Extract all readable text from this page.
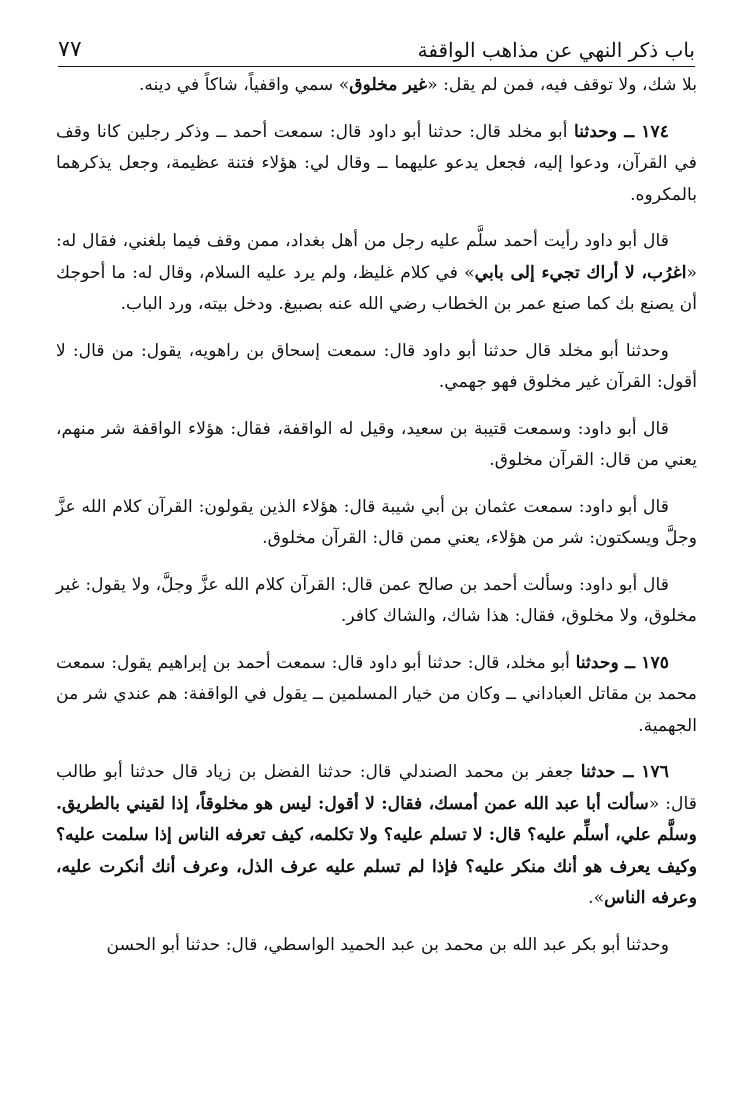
باب ذكر النهي عن مذاهب الواقفة
٧٧

بلا شك، ولا توقف فيه، فمن لم يقل: «غير مخلوق» سمي واقفياً، شاكاً في دينه.

١٧٤ ــ وحدثنا أبو مخلد قال: حدثنا أبو داود قال: سمعت أحمد ــ وذكر رجلين كانا وقف في القرآن، ودعوا إليه، فجعل يدعو عليهما ــ وقال لي: هؤلاء فتنة عظيمة، وجعل يذكرهما بالمكروه.

قال أبو داود رأيت أحمد سلَّم عليه رجل من أهل بغداد، ممن وقف فيما بلغني، فقال له: «اغرُب، لا أراك تجيء إلى بابي» في كلام غليظ، ولم يرد عليه السلام، وقال له: ما أحوجك أن يصنع بك كما صنع عمر بن الخطاب رضي الله عنه بصبيغ. ودخل بيته، ورد الباب.

وحدثنا أبو مخلد قال حدثنا أبو داود قال: سمعت إسحاق بن راهويه، يقول: من قال: لا أقول: القرآن غير مخلوق فهو جهمي.

قال أبو داود: وسمعت قتيبة بن سعيد، وقيل له الواقفة، فقال: هؤلاء الواقفة شر منهم، يعني من قال: القرآن مخلوق.

قال أبو داود: سمعت عثمان بن أبي شيبة قال: هؤلاء الذين يقولون: القرآن كلام الله عزَّ وجلَّ ويسكتون: شر من هؤلاء، يعني ممن قال: القرآن مخلوق.

قال أبو داود: وسألت أحمد بن صالح عمن قال: القرآن كلام الله عزَّ وجلَّ، ولا يقول: غير مخلوق، ولا مخلوق، فقال: هذا شاك، والشاك كافر.

١٧٥ ــ وحدثنا أبو مخلد، قال: حدثنا أبو داود قال: سمعت أحمد بن إبراهيم يقول: سمعت محمد بن مقاتل العباداني ــ وكان من خيار المسلمين ــ يقول في الواقفة: هم عندي شر من الجهمية.

١٧٦ ــ حدثنا جعفر بن محمد الصندلي قال: حدثنا الفضل بن زياد قال حدثنا أبو طالب قال: «سألت أبا عبد الله عمن أمسك، فقال: لا أقول: ليس هو مخلوقاً، إذا لقيني بالطريق. وسلَّم علي، أسلِّم عليه؟ قال: لا تسلم عليه؟ ولا تكلمه، كيف تعرفه الناس إذا سلمت عليه؟ وكيف يعرف هو أنك منكر عليه؟ فإذا لم تسلم عليه عرف الذل، وعرف أنك أنكرت عليه، وعرفه الناس».

وحدثنا أبو بكر عبد الله بن محمد بن عبد الحميد الواسطي، قال: حدثنا أبو الحسن
